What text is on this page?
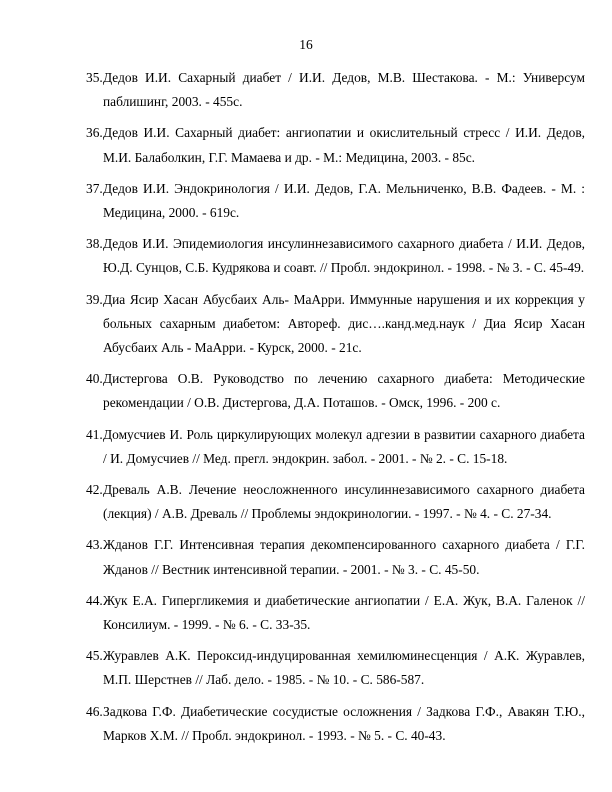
16
35. Дедов И.И. Сахарный диабет / И.И. Дедов, М.В. Шестакова. - М.: Универсум паблишинг, 2003. - 455с.
36. Дедов И.И. Сахарный диабет: ангиопатии и окислительный стресс / И.И. Дедов, М.И. Балаболкин, Г.Г. Мамаева и др. - М.: Медицина, 2003. - 85с.
37. Дедов И.И. Эндокринология / И.И. Дедов, Г.А. Мельниченко, В.В. Фадеев. - М. : Медицина, 2000. - 619с.
38. Дедов И.И. Эпидемиология инсулиннезависимого сахарного диабета / И.И. Дедов, Ю.Д. Сунцов, С.Б. Кудрякова и соавт. // Пробл. эндокринол. - 1998. - № 3. - С. 45-49.
39. Диа Ясир Хасан Абусбаих Аль- МаАрри. Иммунные нарушения и их коррекция у больных сахарным диабетом: Автореф. дис….канд.мед.наук / Диа Ясир Хасан Абусбаих Аль - МаАрри. - Курск, 2000. - 21с.
40. Дистергова О.В. Руководство по лечению сахарного диабета: Методические рекомендации / О.В. Дистергова, Д.А. Поташов. - Омск, 1996. - 200 с.
41. Домусчиев И. Роль циркулирующих молекул адгезии в развитии сахарного диабета / И. Домусчиев // Мед. прегл. эндокрин. забол. - 2001. - № 2. - С. 15-18.
42. Древаль А.В. Лечение неосложненного инсулиннезависимого сахарного диабета (лекция) / А.В. Древаль // Проблемы эндокринологии. - 1997. - № 4. - С. 27-34.
43. Жданов Г.Г. Интенсивная терапия декомпенсированного сахарного диабета / Г.Г. Жданов // Вестник интенсивной терапии. - 2001. - № 3. - С. 45-50.
44. Жук Е.А. Гипергликемия и диабетические ангиопатии / Е.А. Жук, В.А. Галенок // Консилиум. - 1999. - № 6. - С. 33-35.
45. Журавлев А.К. Пероксид-индуцированная хемилюминесценция / А.К. Журавлев, М.П. Шерстнев // Лаб. дело. - 1985. - № 10. - С. 586-587.
46. Задкова Г.Ф. Диабетические сосудистые осложнения / Задкова Г.Ф., Авакян Т.Ю., Марков Х.М. // Пробл. эндокринол. - 1993. - № 5. - С. 40-43.
